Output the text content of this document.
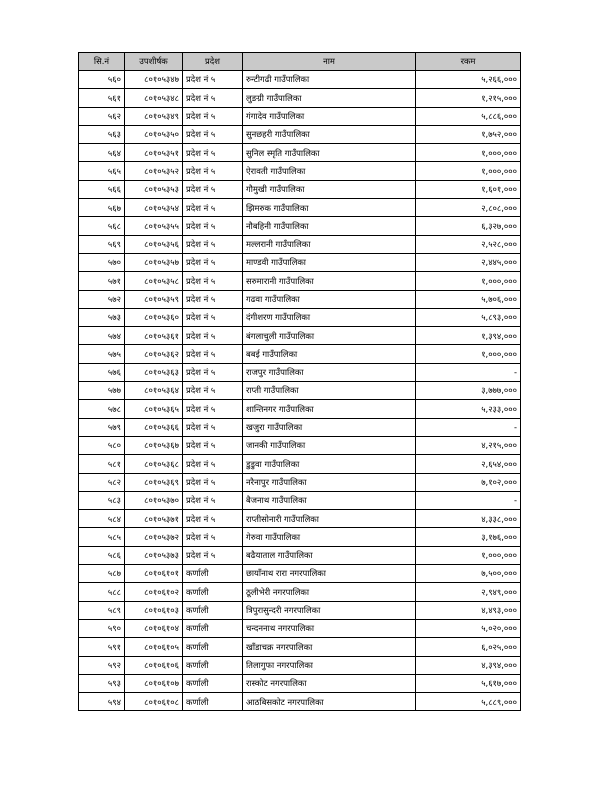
सि.नं	उपशीर्षक	प्रदेश	नाम	रकम
५६०	८०१०५३४७	प्रदेश नं ५	रुन्टीगढी गाउँपालिका	५,२६६,०००
५६१	८०१०५३४८	प्रदेश नं ५	लुङग्री गाउँपालिका	१,२१५,०००
५६२	८०१०५३४९	प्रदेश नं ५	गंगादेव गाउँपालिका	५,८८६,०००
५६३	८०१०५३५०	प्रदेश नं ५	सुनछहरी गाउँपालिका	१,७५२,०००
५६४	८०१०५३५१	प्रदेश नं ५	सुनिल स्मृति गाउँपालिका	१,०००,०००
५६५	८०१०५३५२	प्रदेश नं ५	ऐरावती गाउँपालिका	१,०००,०००
५६६	८०१०५३५३	प्रदेश नं ५	गौमुखी गाउँपालिका	१,६०१,०००
५६७	८०१०५३५४	प्रदेश नं ५	झिमरुक गाउँपालिका	२,८०८,०००
५६८	८०१०५३५५	प्रदेश नं ५	नौबहिनी गाउँपालिका	६,३२७,०००
५६९	८०१०५३५६	प्रदेश नं ५	मल्लरानी गाउँपालिका	२,५२८,०००
५७०	८०१०५३५७	प्रदेश नं ५	माण्डवी गाउँपालिका	२,४४५,०००
५७१	८०१०५३५८	प्रदेश नं ५	सरुमारानी गाउँपालिका	१,०००,०००
५७२	८०१०५३५९	प्रदेश नं ५	गढवा गाउँपालिका	५,७०६,०००
५७३	८०१०५३६०	प्रदेश नं ५	दंगीशरण गाउँपालिका	५,८९३,०००
५७४	८०१०५३६१	प्रदेश नं ५	बंगलाचुली गाउँपालिका	१,३९४,०००
५७५	८०१०५३६२	प्रदेश नं ५	बबई गाउँपालिका	१,०००,०००
५७६	८०१०५३६३	प्रदेश नं ५	राजपुर गाउँपालिका	-
५७७	८०१०५३६४	प्रदेश नं ५	राप्ती गाउँपालिका	३,७७७,०००
५७८	८०१०५३६५	प्रदेश नं ५	शान्तिनगर गाउँपालिका	५,२३३,०००
५७९	८०१०५३६६	प्रदेश नं ५	खजुरा गाउँपालिका	-
५८०	८०१०५३६७	प्रदेश नं ५	जानकी गाउँपालिका	४,२१५,०००
५८१	८०१०५३६८	प्रदेश नं ५	डुडुवा गाउँपालिका	२,६५४,०००
५८२	८०१०५३६९	प्रदेश नं ५	नरैनापुर गाउँपालिका	७,१०२,०००
५८३	८०१०५३७०	प्रदेश नं ५	बैजनाथ गाउँपालिका	-
५८४	८०१०५३७१	प्रदेश नं ५	राप्तीसोनारी गाउँपालिका	४,३३८,०००
५८५	८०१०५३७२	प्रदेश नं ५	गेरुवा गाउँपालिका	३,१७६,०००
५८६	८०१०५३७३	प्रदेश नं ५	बढैयाताल गाउँपालिका	१,०००,०००
५८७	८०१०६१०१	कर्णाली	छायाँनाथ रारा नगरपालिका	७,५००,०००
५८८	८०१०६१०२	कर्णाली	ठूलीभेरी नगरपालिका	२,९४९,०००
५८९	८०१०६१०३	कर्णाली	त्रिपुरासुन्दरी नगरपालिका	४,४९३,०००
५९०	८०१०६१०४	कर्णाली	चन्दननाथ नगरपालिका	५,०२०,०००
५९१	८०१०६१०५	कर्णाली	खाँडाचक्र नगरपालिका	६,०२५,०००
५९२	८०१०६१०६	कर्णाली	तिलागुफा नगरपालिका	४,३९४,०००
५९३	८०१०६१०७	कर्णाली	रास्कोट नगरपालिका	५,६१७,०००
५९४	८०१०६१०८	कर्णाली	आठबिसकोट नगरपालिका	५,८८९,०००
